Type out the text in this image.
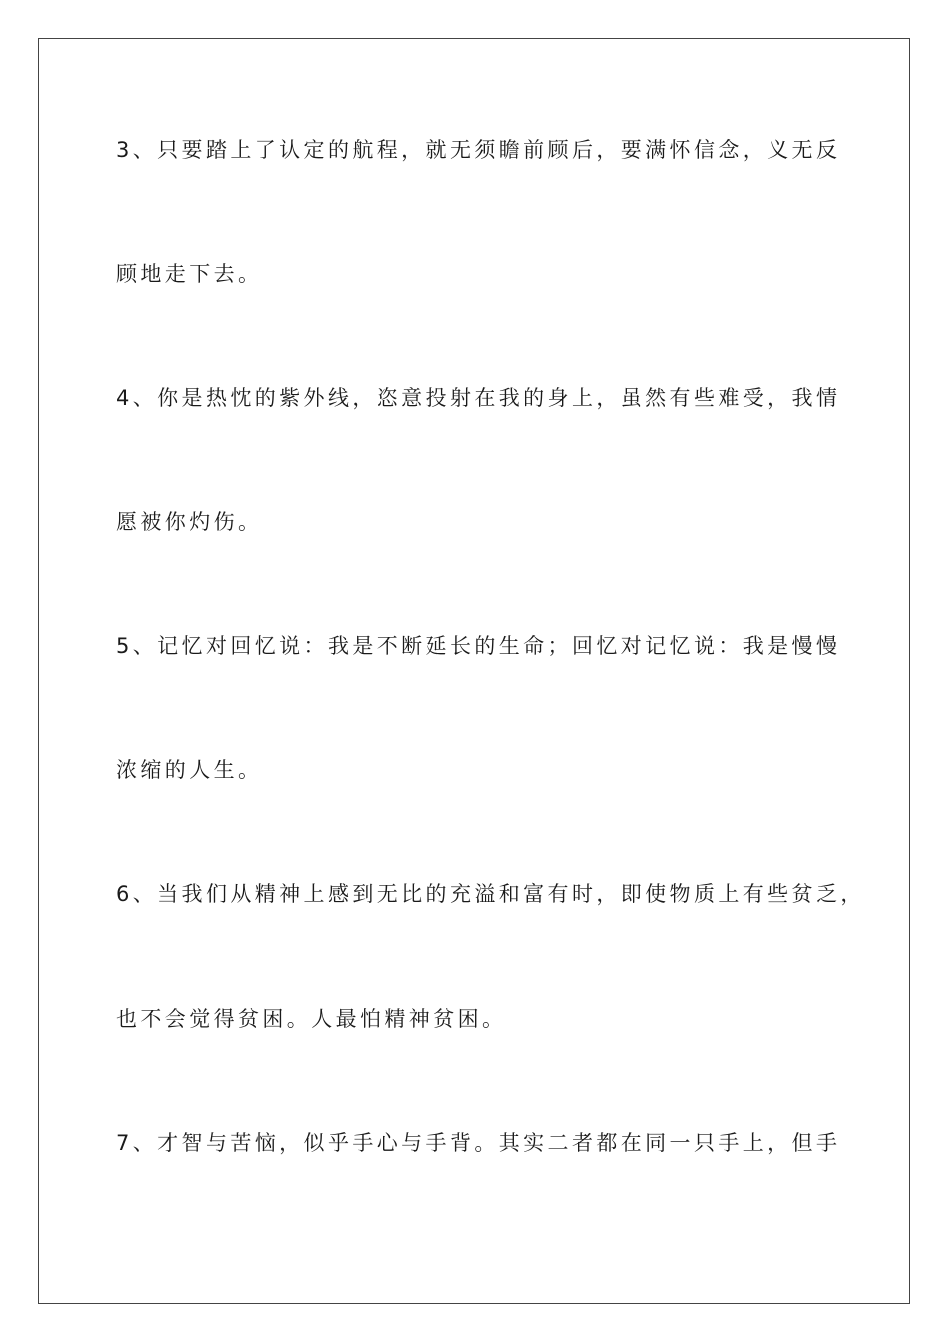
3、只要踏上了认定的航程，就无须瞻前顾后，要满怀信念，义无反
顾地走下去。
4、你是热忱的紫外线，恣意投射在我的身上，虽然有些难受，我情
愿被你灼伤。
5、记忆对回忆说：我是不断延长的生命；回忆对记忆说：我是慢慢
浓缩的人生。
6、当我们从精神上感到无比的充溢和富有时，即使物质上有些贫乏，
也不会觉得贫困。人最怕精神贫困。
7、才智与苦恼，似乎手心与手背。其实二者都在同一只手上，但手
